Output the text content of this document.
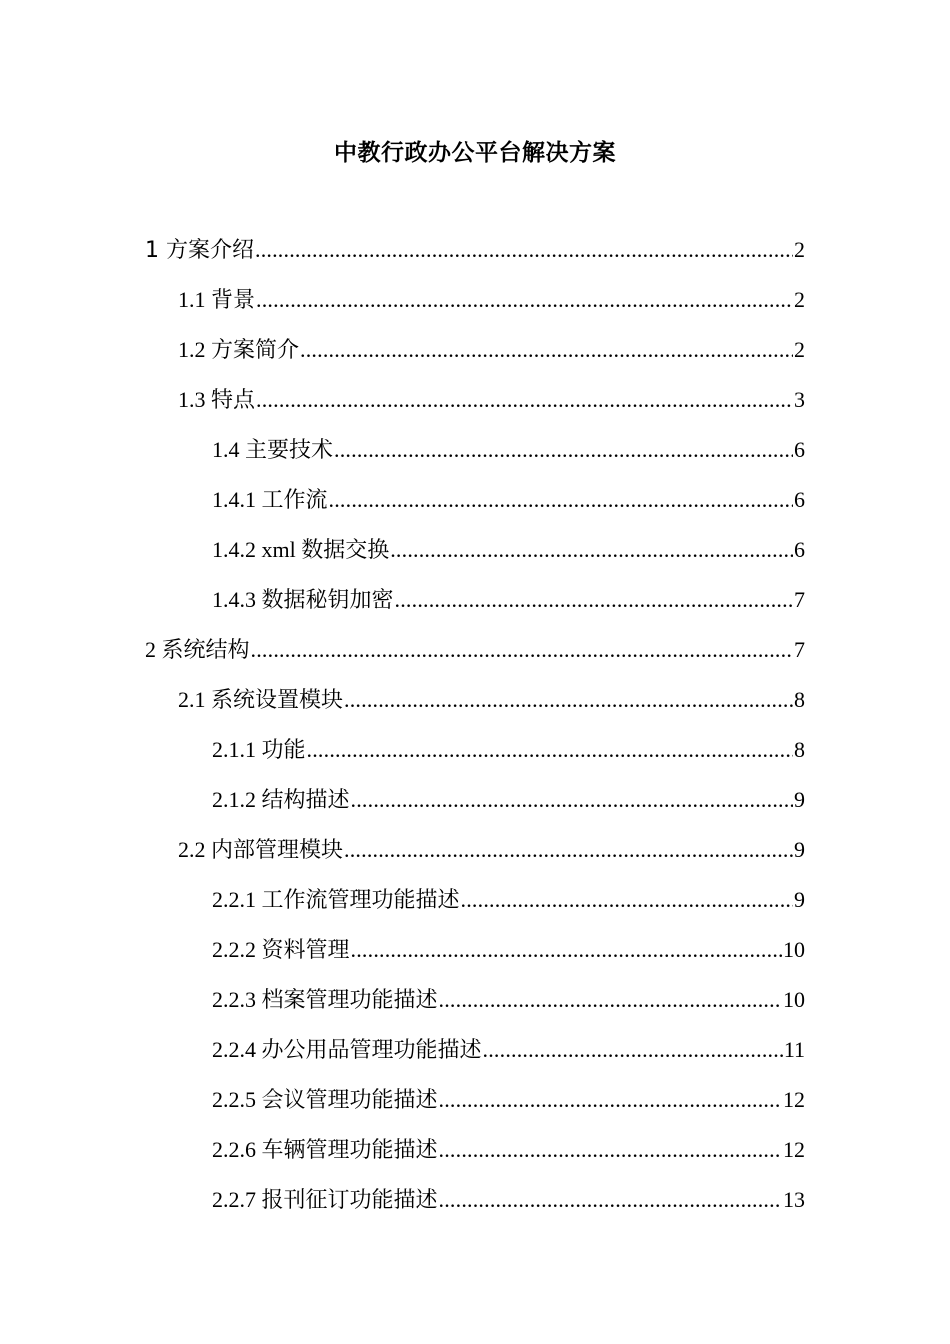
中教行政办公平台解决方案
1 方案介绍 .....	2
1.1 背景 .....	2
1.2 方案简介 .....	2
1.3 特点 .....	3
1.4 主要技术 .....	6
1.4.1 工作流 .....	6
1.4.2 xml 数据交换 .....	6
1.4.3 数据秘钥加密 .....	7
2 系统结构 .....	7
2.1 系统设置模块 .....	8
2.1.1 功能 .....	8
2.1.2 结构描述 .....	9
2.2 内部管理模块 .....	9
2.2.1 工作流管理功能描述 .....	9
2.2.2 资料管理 .....	10
2.2.3 档案管理功能描述 .....	10
2.2.4 办公用品管理功能描述 .....	11
2.2.5 会议管理功能描述 .....	12
2.2.6 车辆管理功能描述 .....	12
2.2.7 报刊征订功能描述 .....	13
